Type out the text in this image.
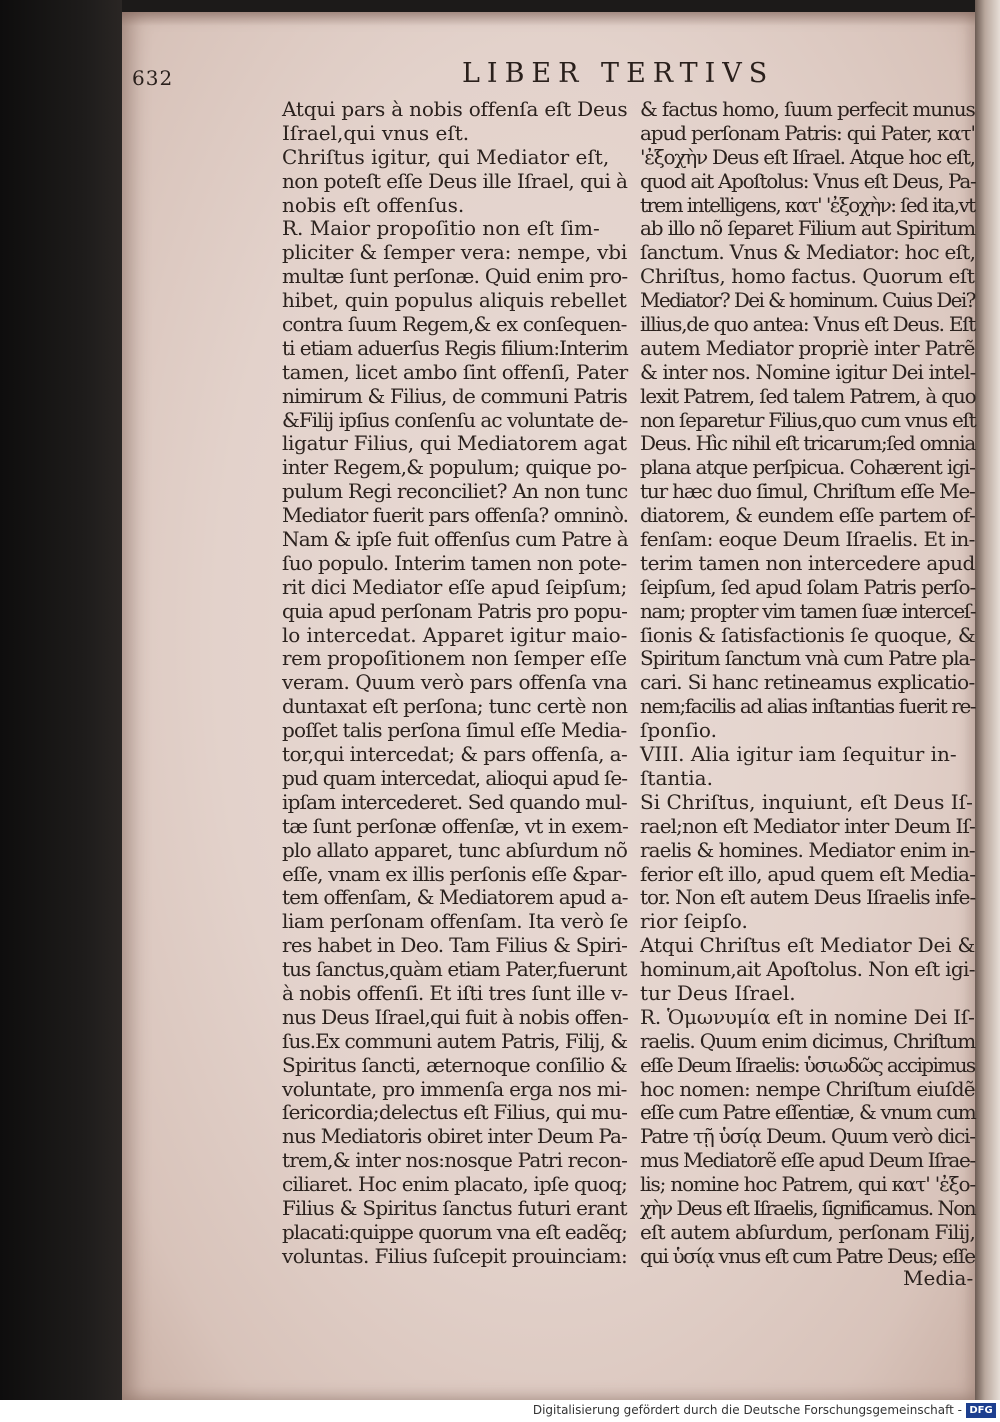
632	LIBER TERTIVS
Atqui pars à nobis offenſa eſt Deus
Iſrael,qui vnus eſt.
Chriſtus igitur, qui Mediator eſt,
non poteſt eſſe Deus ille Iſrael, qui à
nobis eſt offenſus.
R. Maior propoſitio non eſt ſim-
pliciter & ſemper vera: nempe, vbi
multæ ſunt perſonæ. Quid enim pro-
hibet, quin populus aliquis rebellet
contra ſuum Regem,& ex conſequen-
ti etiam aduerſus Regis filium:Interim
tamen, licet ambo ſint offenſi, Pater
nimirum & Filius, de communi Patris
&Filij ipſius conſenſu ac voluntate de-
ligatur Filius, qui Mediatorem agat
inter Regem,& populum; quique po-
pulum Regi reconciliet? An non tunc
Mediator fuerit pars offenſa? omninò.
Nam & ipſe fuit offenſus cum Patre à
ſuo populo. Interim tamen non pote-
rit dici Mediator eſſe apud ſeipſum;
quia apud perſonam Patris pro popu-
lo intercedat. Apparet igitur maio-
rem propoſitionem non ſemper eſſe
veram. Quum verò pars offenſa vna
duntaxat eſt perſona; tunc certè non
poſſet talis perſona ſimul eſſe Media-
tor,qui intercedat; & pars offenſa, a-
pud quam intercedat, alioqui apud ſe-
ipſam intercederet. Sed quando mul-
tæ ſunt perſonæ offenſæ, vt in exem-
plo allato apparet, tunc abſurdum nõ
eſſe, vnam ex illis perſonis eſſe &par-
tem offenſam, & Mediatorem apud a-
liam perſonam offenſam. Ita verò ſe
res habet in Deo. Tam Filius & Spiri-
tus ſanctus,quàm etiam Pater,fuerunt
à nobis offenſi. Et iſti tres ſunt ille v-
nus Deus Iſrael,qui fuit à nobis offen-
ſus.Ex communi autem Patris, Filij, &
Spiritus ſancti, æternoque conſilio &
voluntate, pro immenſa erga nos mi-
ſericordia;delectus eſt Filius, qui mu-
nus Mediatoris obiret inter Deum Pa-
trem,& inter nos:nosque Patri recon-
ciliaret. Hoc enim placato, ipſe quoq;
Filius & Spiritus ſanctus futuri erant
placati:quippe quorum vna eſt eadẽq;
voluntas. Filius ſuſcepit prouinciam:
& factus homo, ſuum perfecit munus
apud perſonam Patris: qui Pater, κατ'
'ἐξοχὴν Deus eſt Iſrael. Atque hoc eſt,
quod ait Apoſtolus: Vnus eſt Deus, Pa-
trem intelligens, κατ' 'ἐξοχὴν: ſed ita,vt
ab illo nõ ſeparet Filium aut Spiritum
ſanctum. Vnus & Mediator: hoc eſt,
Chriſtus, homo factus. Quorum eſt
Mediator? Dei & hominum. Cuius Dei?
illius,de quo antea: Vnus eſt Deus. Eſt
autem Mediator propriè inter Patrẽ
& inter nos. Nomine igitur Dei intel-
lexit Patrem, ſed talem Patrem, à quo
non ſeparetur Filius,quo cum vnus eſt
Deus. Hìc nihil eſt tricarum;ſed omnia
plana atque perſpicua. Cohærent igi-
tur hæc duo ſimul, Chriſtum eſſe Me-
diatorem, & eundem eſſe partem of-
fenſam: eoque Deum Iſraelis. Et in-
terim tamen non intercedere apud
ſeipſum, ſed apud ſolam Patris perſo-
nam; propter vim tamen ſuæ interceſ-
ſionis & ſatisfactionis ſe quoque, &
Spiritum ſanctum vnà cum Patre pla-
cari. Si hanc retineamus explicatio-
nem;facilis ad alias inſtantias fuerit re-
ſponſio.
VIII. Alia igitur iam ſequitur in-
ſtantia.
Si Chriſtus, inquiunt, eſt Deus Iſ-
rael;non eſt Mediator inter Deum Iſ-
raelis & homines. Mediator enim in-
ferior eſt illo, apud quem eſt Media-
tor. Non eſt autem Deus Iſraelis infe-
rior ſeipſo.
Atqui Chriſtus eſt Mediator Dei &
hominum,ait Apoſtolus. Non eſt igi-
tur Deus Iſrael.
R. Ὁμωνυμία eſt in nomine Dei Iſ-
raelis. Quum enim dicimus, Chriſtum
eſſe Deum Iſraelis: ὑσιωδῶς accipimus
hoc nomen: nempe Chriſtum eiuſdẽ
eſſe cum Patre eſſentiæ, & vnum cum
Patre τῇ ὑσίᾳ Deum. Quum verò dici-
mus Mediatorẽ eſſe apud Deum Iſrae-
lis; nomine hoc Patrem, qui κατ' 'ἐξο-
χὴν Deus eſt Iſraelis, ſignificamus. Non
eſt autem abſurdum, perſonam Filij,
qui ὑσίᾳ vnus eſt cum Patre Deus; eſſe
Media-
Digitalisierung gefördert durch die Deutsche Forschungsgemeinschaft - DFG
